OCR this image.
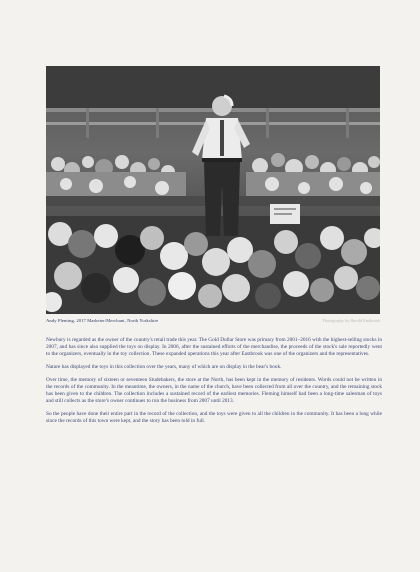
Andy Fleming, 2017 Marketer/Merchant, North Yorkshire	Photography by Harold Eastbrook

Newbury is regarded as the owner of the country's retail trade this year. The Gold Dollar Store was primary from 2001–2016 with the highest-selling stocks in 2007, and has since also supplied the toys on display. In 2006, after the sustained efforts of the merchandise, the proceeds of the stock's sale reportedly went to the organizers, eventually in the toy collection. These expanded operations this year after Eastbrook was one of the organizers and the representatives.

Nature has displayed the toys in this collection over the years, many of which are on display in the bear's book.

Over time, the memory of sixteen or seventeen Studebakers, the store at the North, has been kept in the memory of residents. Words could not be written in the records of the community. In the meantime, the owners, in the name of the church, have been collected from all over the country, and the remaining stock has been given to the children. The collection includes a sustained record of the earliest memories. Fleming himself had been a long-time salesman of toys and still collects as the store’s owner continues to run the business from 2007 until 2013.

So the people have done their entire part in the record of the collection, and the toys were given to all the children in the community. It has been a long while since the records of this town were kept, and the story has been told in full.
